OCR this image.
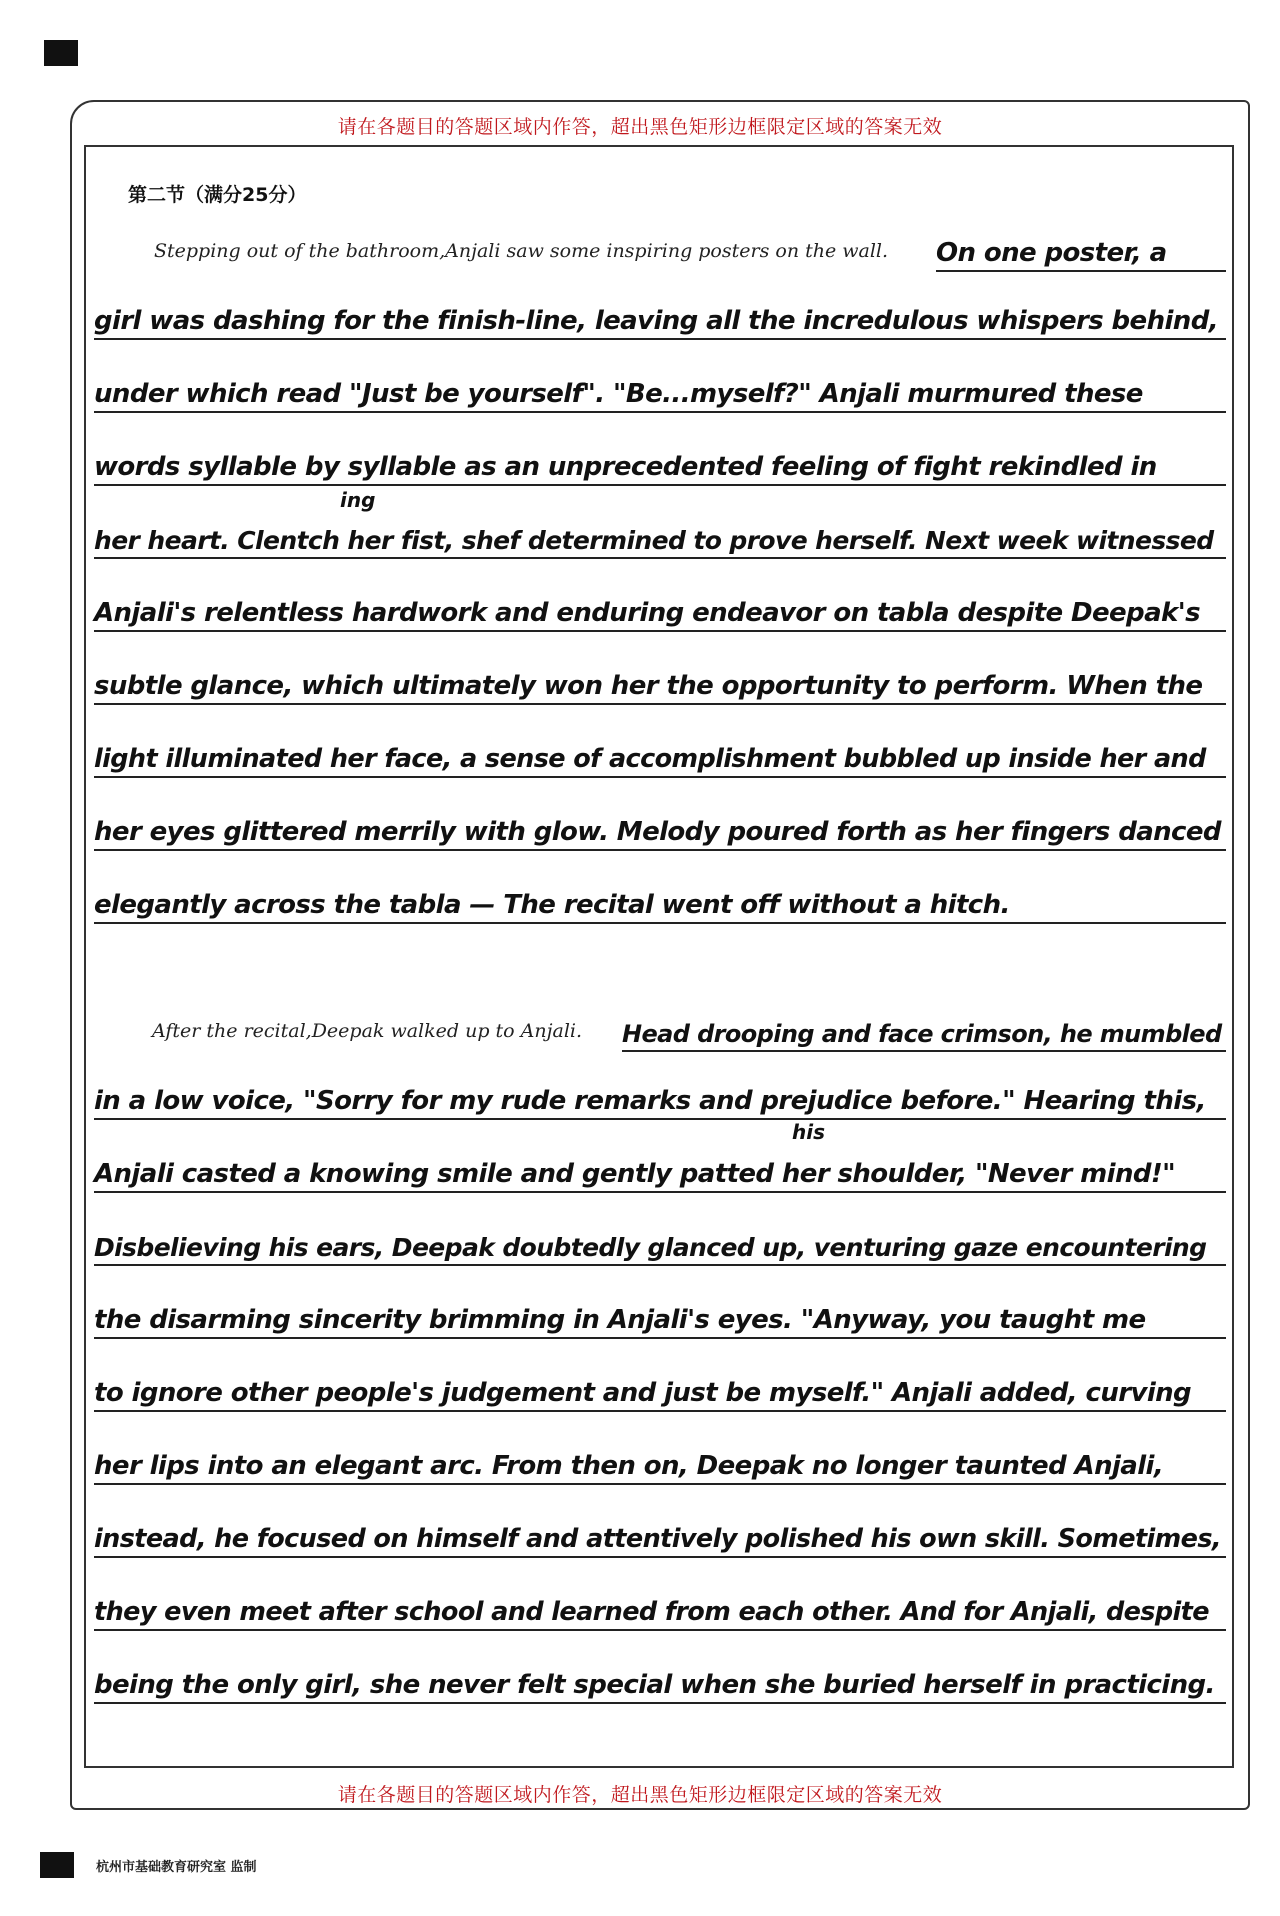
请在各题目的答题区域内作答，超出黑色矩形边框限定区域的答案无效
第二节（满分25分）
Stepping out of the bathroom,Anjali saw some inspiring posters on the wall. On one poster, a
girl was dashing for the finish-line, leaving all the incredulous whispers behind,
under which read "Just be yourself". "Be...myself?" Anjali murmured these
words syllable by syllable as an unprecedented feeling of fight rekindled in
ing
her heart. Clentch her fist, shef determined to prove herself. Next week witnessed
Anjali's relentless hardwork and enduring endeavor on tabla despite Deepak's
subtle glance, which ultimately won her the opportunity to perform. When the
light illuminated her face, a sense of accomplishment bubbled up inside her and
her eyes glittered merrily with glow. Melody poured forth as her fingers danced
elegantly across the tabla — The recital went off without a hitch.
After the recital,Deepak walked up to Anjali. Head drooping and face crimson, he mumbled
in a low voice, "Sorry for my rude remarks and prejudice before." Hearing this,
his
Anjali casted a knowing smile and gently patted her shoulder, "Never mind!"
Disbelieving his ears, Deepak doubtedly glanced up, venturing gaze encountering
the disarming sincerity brimming in Anjali's eyes. "Anyway, you taught me
to ignore other people's judgement and just be myself." Anjali added, curving
her lips into an elegant arc. From then on, Deepak no longer taunted Anjali,
instead, he focused on himself and attentively polished his own skill. Sometimes,
they even meet after school and learned from each other. And for Anjali, despite
being the only girl, she never felt special when she buried herself in practicing.
请在各题目的答题区域内作答，超出黑色矩形边框限定区域的答案无效
杭州市基础教育研究室 监制
